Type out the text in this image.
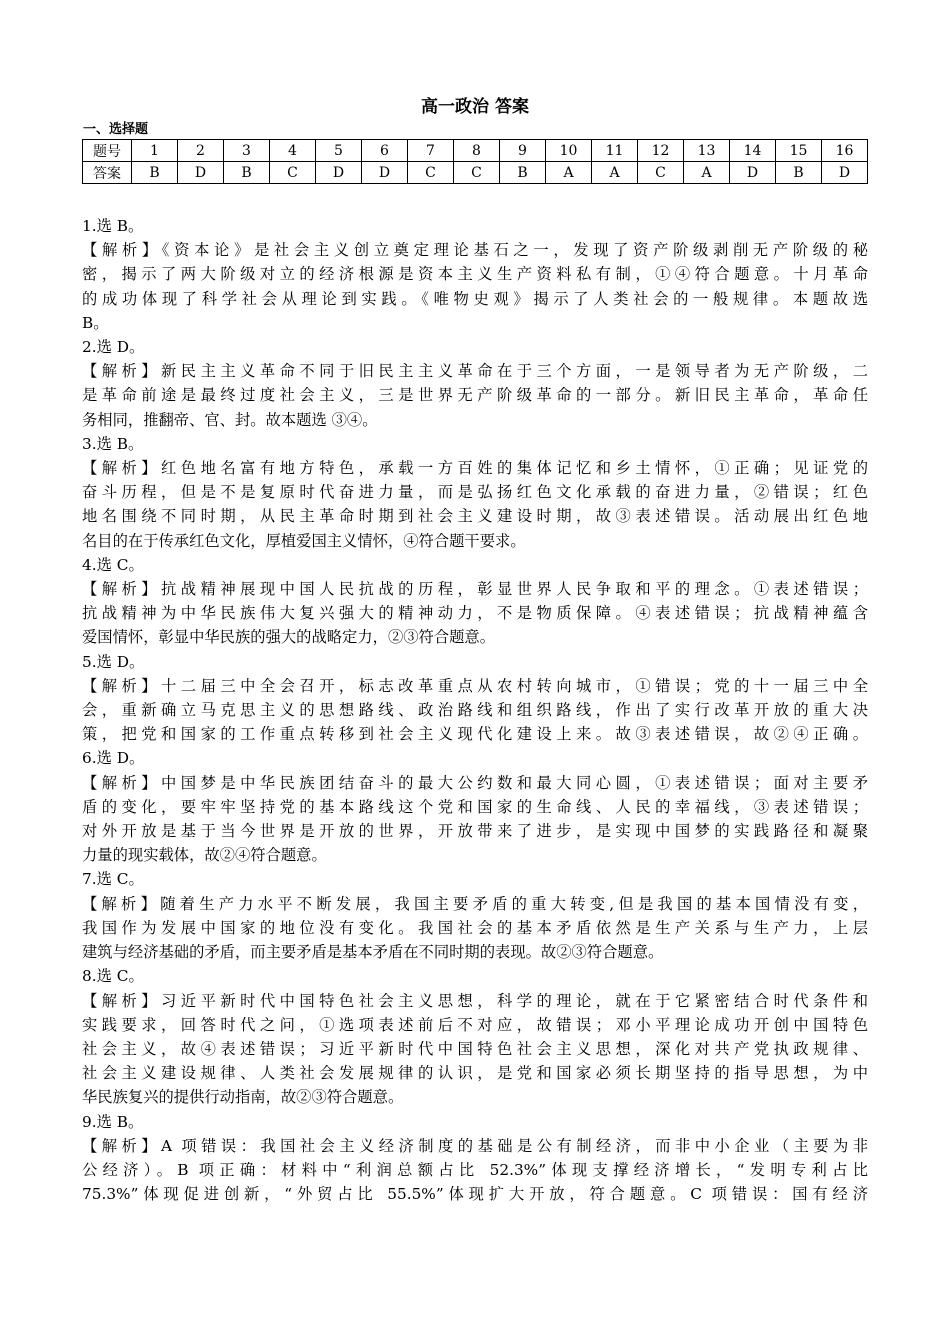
高一政治 答案
一、选择题
题号	1	2	3	4	5	6	7	8	9	10	11	12	13	14	15	16
答案	B	D	B	C	D	D	C	C	B	A	A	C	A	D	B	D
1.选 B。
【解析】《资本论》是社会主义创立奠定理论基石之一，发现了资产阶级剥削无产阶级的秘
密，揭示了两大阶级对立的经济根源是资本主义生产资料私有制，①④符合题意。十月革命
的成功体现了科学社会从理论到实践。《唯物史观》揭示了人类社会的一般规律。本题故选
B。
2.选 D。
【解析】新民主主义革命不同于旧民主主义革命在于三个方面，一是领导者为无产阶级，二
是革命前途是最终过度社会主义，三是世界无产阶级革命的一部分。新旧民主革命，革命任
务相同，推翻帝、官、封。故本题选 ③④。
3.选 B。
【解析】红色地名富有地方特色，承载一方百姓的集体记忆和乡土情怀，①正确；见证党的
奋斗历程，但是不是复原时代奋进力量，而是弘扬红色文化承载的奋进力量，②错误；红色
地名围绕不同时期，从民主革命时期到社会主义建设时期，故③表述错误。活动展出红色地
名目的在于传承红色文化，厚植爱国主义情怀，④符合题干要求。
4.选 C。
【解析】抗战精神展现中国人民抗战的历程，彰显世界人民争取和平的理念。①表述错误；
抗战精神为中华民族伟大复兴强大的精神动力，不是物质保障。④表述错误；抗战精神蕴含
爱国情怀，彰显中华民族的强大的战略定力，②③符合题意。
5.选 D。
【解析】十二届三中全会召开，标志改革重点从农村转向城市，①错误；党的十一届三中全
会，重新确立马克思主义的思想路线、政治路线和组织路线，作出了实行改革开放的重大决
策，把党和国家的工作重点转移到社会主义现代化建设上来。故③表述错误，故②④正确。
6.选 D。
【解析】中国梦是中华民族团结奋斗的最大公约数和最大同心圆，①表述错误；面对主要矛
盾的变化，要牢牢坚持党的基本路线这个党和国家的生命线、人民的幸福线，③表述错误；
对外开放是基于当今世界是开放的世界，开放带来了进步，是实现中国梦的实践路径和凝聚
力量的现实载体，故②④符合题意。
7.选 C。
【解析】随着生产力水平不断发展，我国主要矛盾的重大转变,但是我国的基本国情没有变，
我国作为发展中国家的地位没有变化。我国社会的基本矛盾依然是生产关系与生产力，上层
建筑与经济基础的矛盾，而主要矛盾是基本矛盾在不同时期的表现。故②③符合题意。
8.选 C。
【解析】习近平新时代中国特色社会主义思想，科学的理论，就在于它紧密结合时代条件和
实践要求，回答时代之问，①选项表述前后不对应，故错误；邓小平理论成功开创中国特色
社会主义，故④表述错误；习近平新时代中国特色社会主义思想，深化对共产党执政规律、
社会主义建设规律、人类社会发展规律的认识，是党和国家必须长期坚持的指导思想，为中
华民族复兴的提供行动指南，故②③符合题意。
9.选 B。
【解析】A 项错误：我国社会主义经济制度的基础是公有制经济，而非中小企业（主要为非
公经济）。B 项正确：材料中“利润总额占比 52.3%”体现支撑经济增长，“发明专利占比
75.3%”体现促进创新，“外贸占比 55.5%”体现扩大开放，符合题意。C 项错误：国有经济
